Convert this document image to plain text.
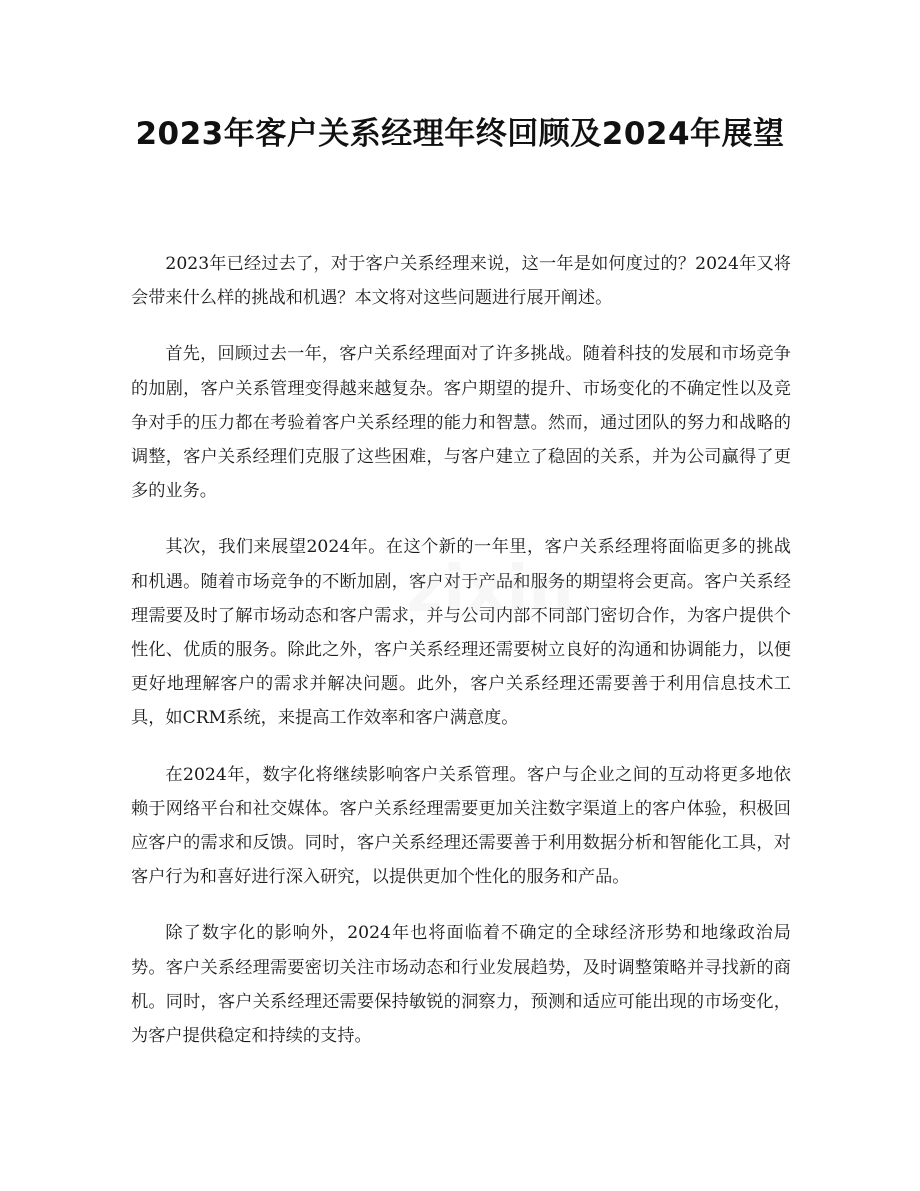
2023年客户关系经理年终回顾及2024年展望

2023年已经过去了，对于客户关系经理来说，这一年是如何度过的？2024年又将会带来什么样的挑战和机遇？本文将对这些问题进行展开阐述。

首先，回顾过去一年，客户关系经理面对了许多挑战。随着科技的发展和市场竞争的加剧，客户关系管理变得越来越复杂。客户期望的提升、市场变化的不确定性以及竞争对手的压力都在考验着客户关系经理的能力和智慧。然而，通过团队的努力和战略的调整，客户关系经理们克服了这些困难，与客户建立了稳固的关系，并为公司赢得了更多的业务。

其次，我们来展望2024年。在这个新的一年里，客户关系经理将面临更多的挑战和机遇。随着市场竞争的不断加剧，客户对于产品和服务的期望将会更高。客户关系经理需要及时了解市场动态和客户需求，并与公司内部不同部门密切合作，为客户提供个性化、优质的服务。除此之外，客户关系经理还需要树立良好的沟通和协调能力，以便更好地理解客户的需求并解决问题。此外，客户关系经理还需要善于利用信息技术工具，如CRM系统，来提高工作效率和客户满意度。

在2024年，数字化将继续影响客户关系管理。客户与企业之间的互动将更多地依赖于网络平台和社交媒体。客户关系经理需要更加关注数字渠道上的客户体验，积极回应客户的需求和反馈。同时，客户关系经理还需要善于利用数据分析和智能化工具，对客户行为和喜好进行深入研究，以提供更加个性化的服务和产品。

除了数字化的影响外，2024年也将面临着不确定的全球经济形势和地缘政治局势。客户关系经理需要密切关注市场动态和行业发展趋势，及时调整策略并寻找新的商机。同时，客户关系经理还需要保持敏锐的洞察力，预测和适应可能出现的市场变化，为客户提供稳定和持续的支持。

zixin
